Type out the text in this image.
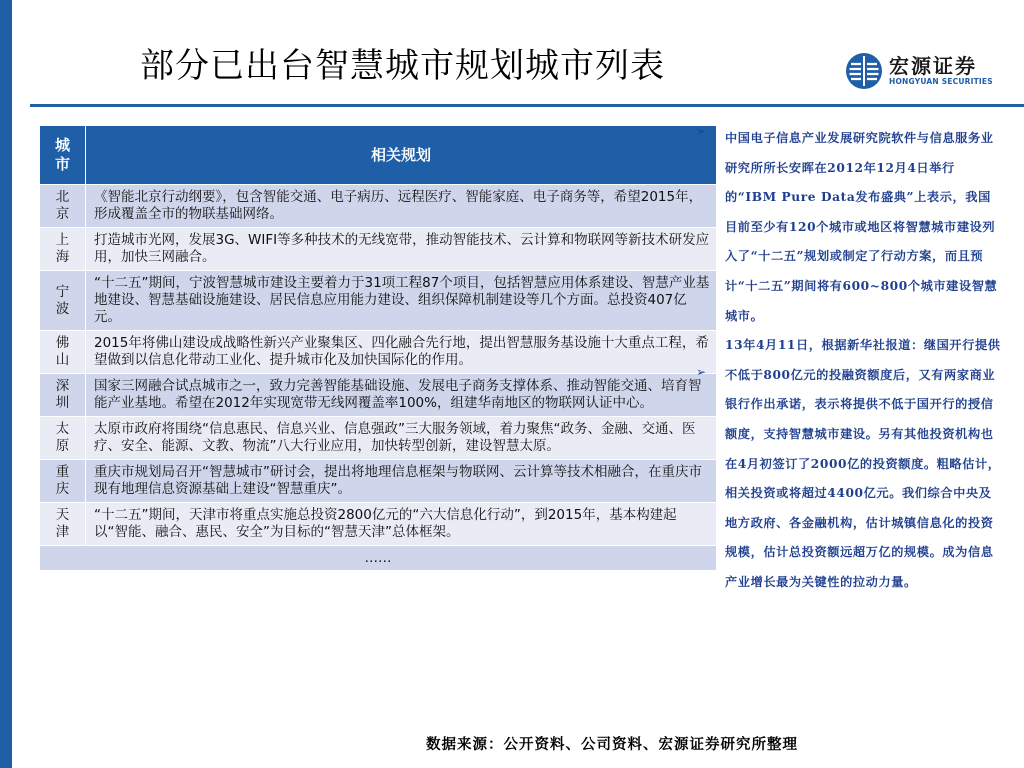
部分已出台智慧城市规划城市列表	宏源证券
HONGYUAN SECURITIES
城市	相关规划

北京	《智能北京行动纲要》，包含智能交通、电子病历、远程医疗、智能家庭、电子商务等，希望2015年，形成覆盖全市的物联基础网络。

上海	打造城市光网，发展3G、WIFI等多种技术的无线宽带，推动智能技术、云计算和物联网等新技术研发应用，加快三网融合。

宁波	“十二五”期间，宁波智慧城市建设主要着力于31项工程87个项目，包括智慧应用体系建设、智慧产业基地建设、智慧基础设施建设、居民信息应用能力建设、组织保障机制建设等几个方面。总投资407亿元。

佛山	2015年将佛山建设成战略性新兴产业聚集区、四化融合先行地，提出智慧服务基设施十大重点工程，希望做到以信息化带动工业化、提升城市化及加快国际化的作用。

深圳	国家三网融合试点城市之一，致力完善智能基础设施、发展电子商务支撑体系、推动智能交通、培育智能产业基地。希望在2012年实现宽带无线网覆盖率100%，组建华南地区的物联网认证中心。

太原	太原市政府将围绕“信息惠民、信息兴业、信息强政”三大服务领域，着力聚焦“政务、金融、交通、医疗、安全、能源、文教、物流”八大行业应用，加快转型创新，建设智慧太原。

重庆	重庆市规划局召开“智慧城市”研讨会，提出将地理信息框架与物联网、云计算等技术相融合，在重庆市现有地理信息资源基础上建设“智慧重庆”。

天津	“十二五”期间，天津市将重点实施总投资2800亿元的“六大信息化行动”，到2015年，基本构建起以“智能、融合、惠民、安全”为目标的“智慧天津”总体框架。
……	
➢
➢

中国电子信息产业发展研究院软件与信息服务业研究所所长安晖在2012年12月4日举行的“IBM Pure Data发布盛典”上表示，我国目前至少有120个城市或地区将智慧城市建设列入了“十二五”规划或制定了行动方案，而且预计“十二五”期间将有600~800个城市建设智慧城市。

13年4月11日，根据新华社报道：继国开行提供不低于800亿元的投融资额度后，又有两家商业银行作出承诺，表示将提供不低于国开行的授信额度，支持智慧城市建设。另有其他投资机构也在4月初签订了2000亿的投资额度。粗略估计，相关投资或将超过4400亿元。我们综合中央及地方政府、各金融机构，估计城镇信息化的投资规模，估计总投资额远超万亿的规模。成为信息产业增长最为关键性的拉动力量。

数据来源：公开资料、公司资料、宏源证券研究所整理
